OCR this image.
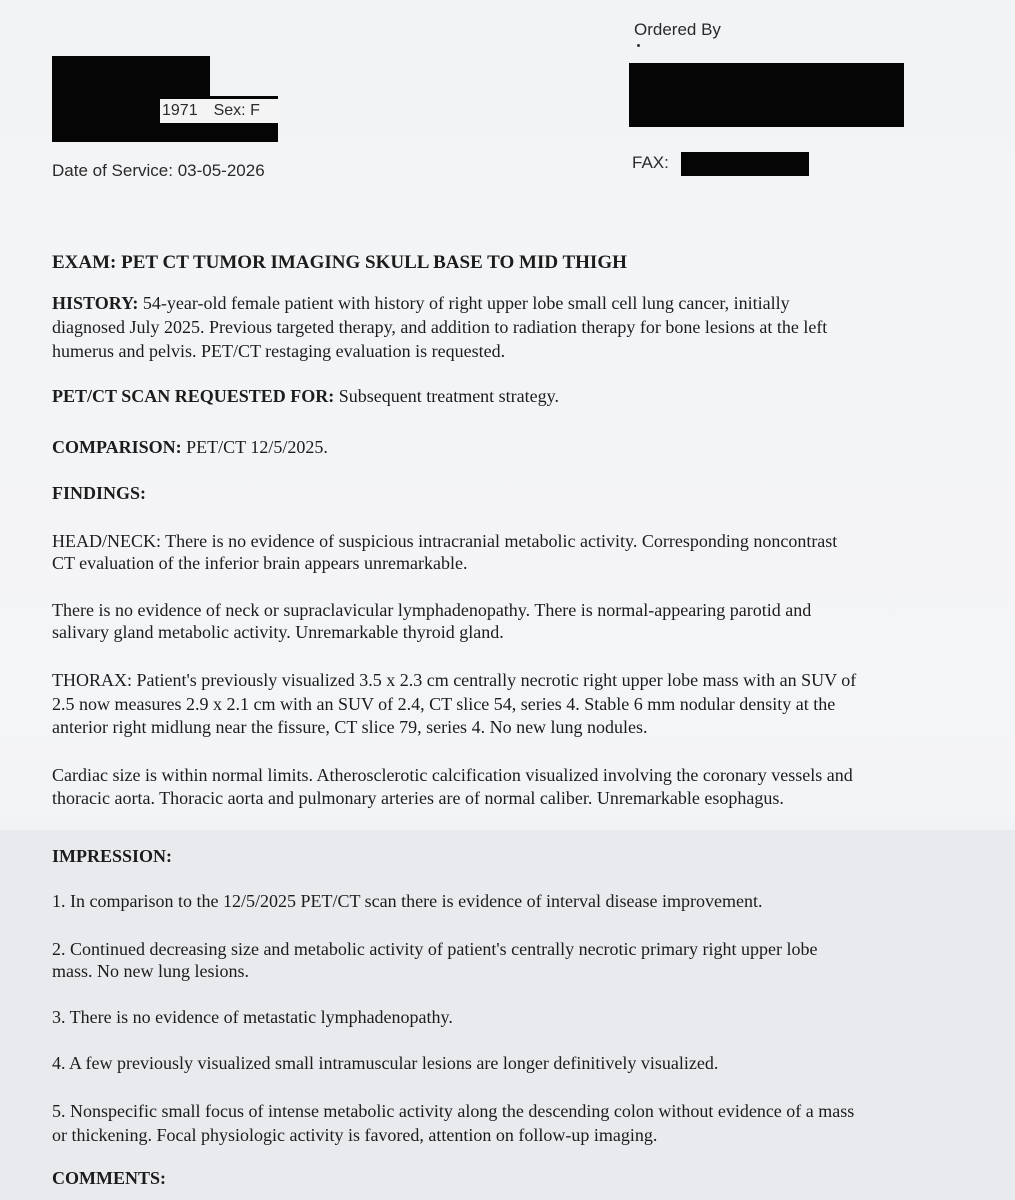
Ordered By
1971 Sex: F
Date of Service: 03-05-2026	FAX:
EXAM: PET CT TUMOR IMAGING SKULL BASE TO MID THIGH
HISTORY: 54-year-old female patient with history of right upper lobe small cell lung cancer, initially
diagnosed July 2025. Previous targeted therapy, and addition to radiation therapy for bone lesions at the left
humerus and pelvis. PET/CT restaging evaluation is requested.
PET/CT SCAN REQUESTED FOR: Subsequent treatment strategy.
COMPARISON: PET/CT 12/5/2025.
FINDINGS:
HEAD/NECK: There is no evidence of suspicious intracranial metabolic activity. Corresponding noncontrast
CT evaluation of the inferior brain appears unremarkable.
There is no evidence of neck or supraclavicular lymphadenopathy. There is normal-appearing parotid and
salivary gland metabolic activity. Unremarkable thyroid gland.
THORAX: Patient's previously visualized 3.5 x 2.3 cm centrally necrotic right upper lobe mass with an SUV of
2.5 now measures 2.9 x 2.1 cm with an SUV of 2.4, CT slice 54, series 4. Stable 6 mm nodular density at the
anterior right midlung near the fissure, CT slice 79, series 4. No new lung nodules.
Cardiac size is within normal limits. Atherosclerotic calcification visualized involving the coronary vessels and
thoracic aorta. Thoracic aorta and pulmonary arteries are of normal caliber. Unremarkable esophagus.
IMPRESSION:
1. In comparison to the 12/5/2025 PET/CT scan there is evidence of interval disease improvement.
2. Continued decreasing size and metabolic activity of patient's centrally necrotic primary right upper lobe
mass. No new lung lesions.
3. There is no evidence of metastatic lymphadenopathy.
4. A few previously visualized small intramuscular lesions are longer definitively visualized.
5. Nonspecific small focus of intense metabolic activity along the descending colon without evidence of a mass
or thickening. Focal physiologic activity is favored, attention on follow-up imaging.
COMMENTS:
